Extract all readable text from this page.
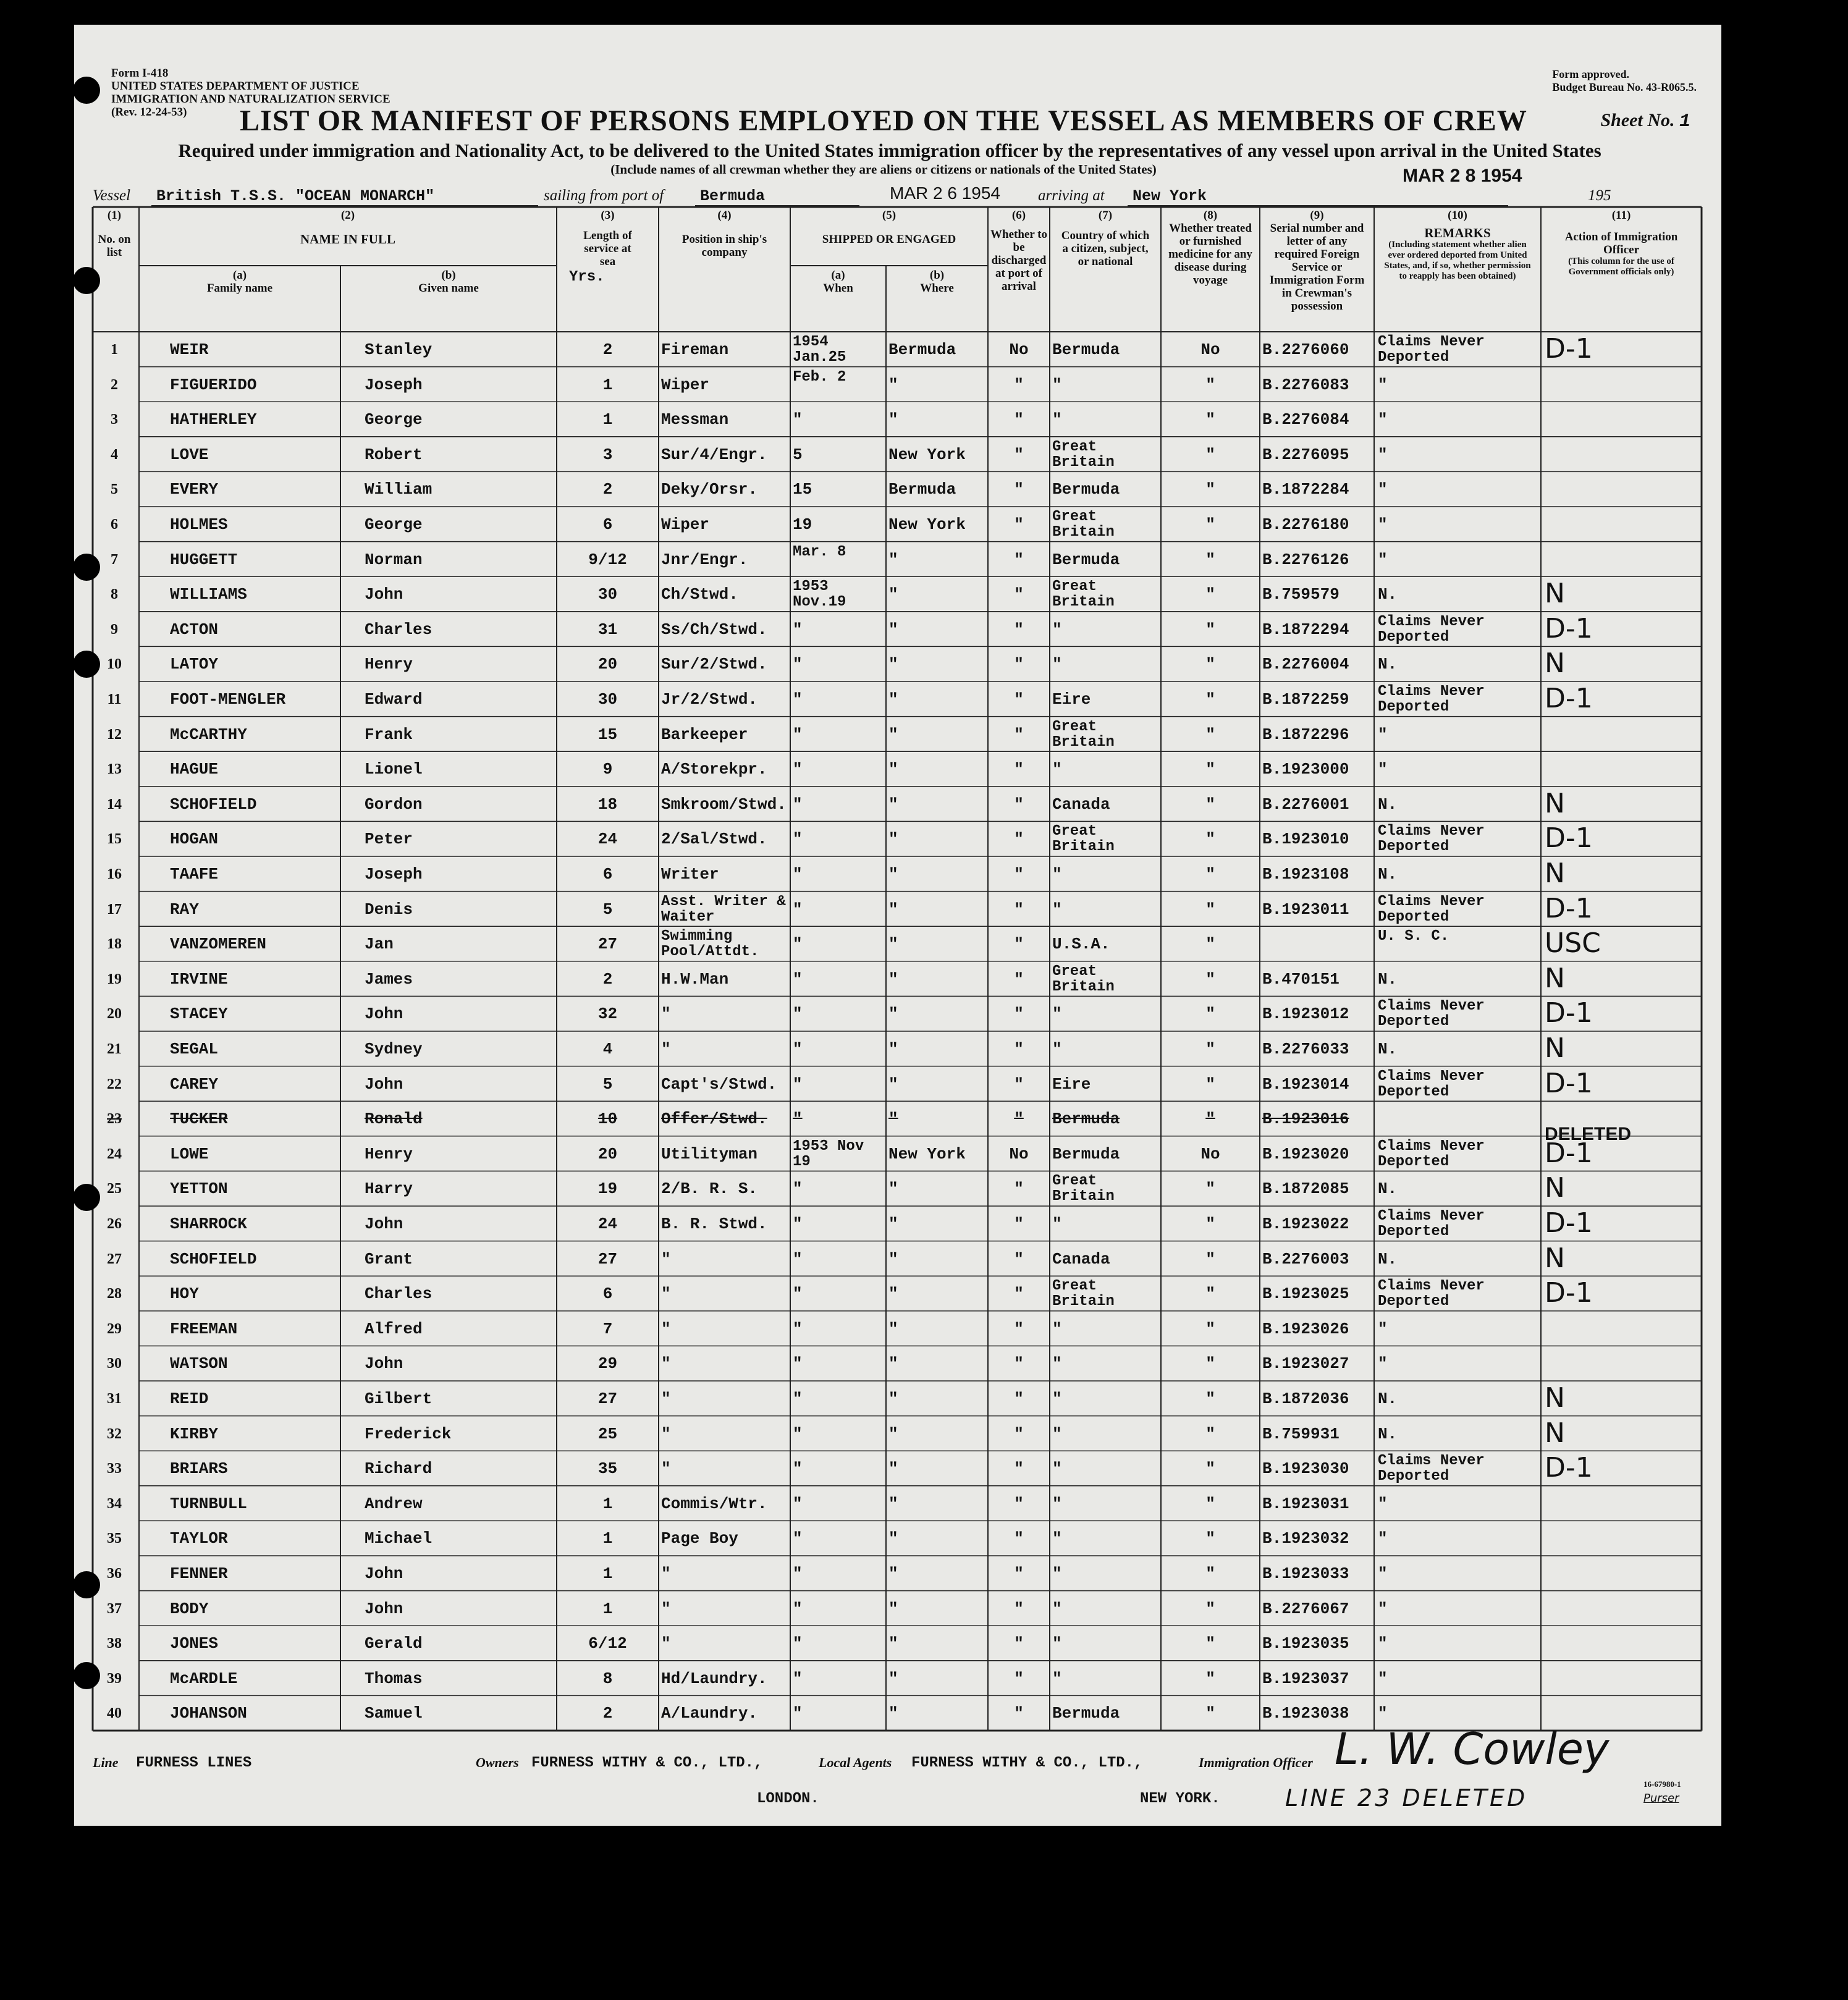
Form I-418
UNITED STATES DEPARTMENT OF JUSTICE
IMMIGRATION AND NATURALIZATION SERVICE
(Rev. 12-24-53)
Form approved.
Budget Bureau No. 43-R065.5.
LIST OR MANIFEST OF PERSONS EMPLOYED ON THE VESSEL AS MEMBERS OF CREW	Sheet No. 1
Required under immigration and Nationality Act, to be delivered to the United States immigration officer by the representatives of any vessel upon arrival in the United States
(Include names of all crewman whether they are aliens or citizens or nationals of the United States)	MAR 2 8 1954
Vessel	British T.S.S. "OCEAN MONARCH"	sailing from port of	Bermuda	MAR 2 6 1954 arriving at	New York	195
(1)
No. on list
(2)
NAME IN FULL
(a)
Family name
(b)
Given name
(3)
Length of service at sea
Yrs.
(4)
Position in ship's company
(5)
SHIPPED OR ENGAGED
(a)
When
(b)
Where
(6)
Whether to be discharged at port of arrival
(7)
Country of which a citizen, subject, or national
(8)
Whether treated or furnished medicine for any disease during voyage
(9)
Serial number and letter of any required Foreign Service or Immigration Form in Crewman's possession
(10)
REMARKS
(Including statement whether alien ever ordered deported from United States, and, if so, whether permission to reapply has been obtained)
(11)
Action of Immigration Officer
(This column for the use of Government officials only)
1	WEIR	Stanley	2	Fireman	1954 Jan.25	Bermuda	No	Bermuda	No	B.2276060	Claims Never Deported	D-1
2	FIGUERIDO	Joseph	1	Wiper	Feb. 2	"	"	"	"	B.2276083	"
3	HATHERLEY	George	1	Messman	"	"	"	"	"	B.2276084	"
4	LOVE	Robert	3	Sur/4/Engr.	5	New York	"	Great Britain	"	B.2276095	"
5	EVERY	William	2	Deky/Orsr.	15	Bermuda	"	Bermuda	"	B.1872284	"
6	HOLMES	George	6	Wiper	19	New York	"	Great Britain	"	B.2276180	"
7	HUGGETT	Norman	9/12	Jnr/Engr.	Mar. 8	"	"	Bermuda	"	B.2276126	"
8	WILLIAMS	John	30	Ch/Stwd.	1953 Nov.19	"	"	Great Britain	"	B.759579	N.	N
9	ACTON	Charles	31	Ss/Ch/Stwd.	"	"	"	"	"	B.1872294	Claims Never Deported	D-1
10	LATOY	Henry	20	Sur/2/Stwd.	"	"	"	"	"	B.2276004	N.	N
11	FOOT-MENGLER	Edward	30	Jr/2/Stwd.	"	"	"	Eire	"	B.1872259	Claims Never Deported	D-1
12	McCARTHY	Frank	15	Barkeeper	"	"	"	Great Britain	"	B.1872296	"
13	HAGUE	Lionel	9	A/Storekpr.	"	"	"	"	"	B.1923000	"
14	SCHOFIELD	Gordon	18	Smkroom/Stwd. "	"	"	Canada	"	B.2276001	N.	N
15	HOGAN	Peter	24	2/Sal/Stwd.	"	"	"	Great Britain	"	B.1923010	Claims Never Deported	D-1
16	TAAFE	Joseph	6	Writer	"	"	"	"	"	B.1923108	N.	N
17	RAY	Denis	5	Asst. Writer & Waiter	"	"	"	"	"	B.1923011	Claims Never Deported	D-1
18	VANZOMEREN	Jan	27	Swimming Pool/Attdt.	"	"	"	U.S.A.	"	U. S. C.	USC
19	IRVINE	James	2	H.W.Man	"	"	"	Great Britain	"	B.470151	N.	N
20	STACEY	John	32	"	"	"	"	"	"	B.1923012	Claims Never Deported	D-1
21	SEGAL	Sydney	4	"	"	"	"	"	"	B.2276033	N.	N
22	CAREY	John	5	Capt's/Stwd. "	"	"	Eire	"	B.1923014	Claims Never Deported	D-1
23	TUCKER	Ronald	10	Offcr/Stwd.	"	"	"	Bermuda	"	B.1923016
24	LOWE	Henry	20	Utilityman	1953 Nov 19	New York	No	Bermuda	No	B.1923020	Claims Never Deported	D-1
25	YETTON	Harry	19	2/B. R. S.	"	"	"	Great Britain	"	B.1872085	N.	N
26	SHARROCK	John	24	B. R. Stwd.	"	"	"	"	"	B.1923022	Claims Never Deported	D-1
27	SCHOFIELD	Grant	27	"	"	"	"	Canada	"	B.2276003	N.	N
28	HOY	Charles	6	"	"	"	"	Great Britain	"	B.1923025	Claims Never Deported	D-1
29	FREEMAN	Alfred	7	"	"	"	"	"	"	B.1923026	"
30	WATSON	John	29	"	"	"	"	"	"	B.1923027	"
31	REID	Gilbert	27	"	"	"	"	"	"	B.1872036	N.	N
32	KIRBY	Frederick	25	"	"	"	"	"	"	B.759931	N.	N
33	BRIARS	Richard	35	"	"	"	"	"	"	B.1923030	Claims Never Deported	D-1
34	TURNBULL	Andrew	1	Commis/Wtr.	"	"	"	"	"	B.1923031	"
35	TAYLOR	Michael	1	Page Boy	"	"	"	"	"	B.1923032	"
36	FENNER	John	1	"	"	"	"	"	"	B.1923033	"
37	BODY	John	1	"	"	"	"	"	"	B.2276067	"
38	JONES	Gerald	6/12	"	"	"	"	"	"	B.1923035	"
39	McARDLE	Thomas	8	Hd/Laundry.	"	"	"	"	"	B.1923037	"
40	JOHANSON	Samuel	2	A/Laundry.	"	"	"	Bermuda	"	B.1923038	"
DELETED
Line FURNESS LINES	Owners FURNESS WITHY & CO., LTD.,	Local Agents FURNESS WITHY & CO., LTD.,	Immigration Officer L. W. Cowley
16-67980-1
LONDON.	NEW YORK.	LINE 23 DELETED	Purser
